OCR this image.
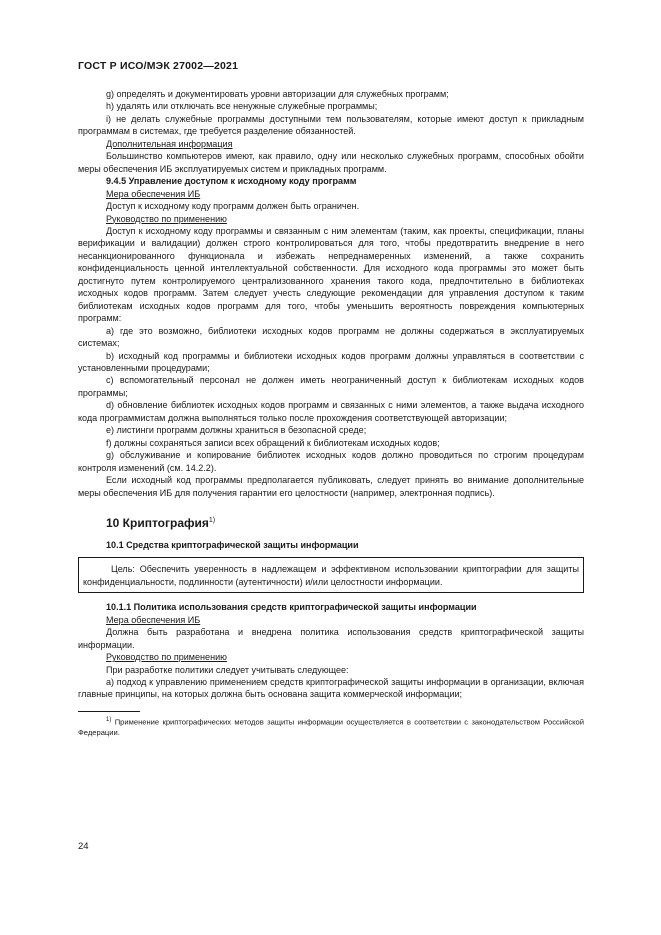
ГОСТ Р ИСО/МЭК 27002—2021

g) определять и документировать уровни авторизации для служебных программ;

h) удалять или отключать все ненужные служебные программы;

i) не делать служебные программы доступными тем пользователям, которые имеют доступ к прикладным программам в системах, где требуется разделение обязанностей.

Дополнительная информация

Большинство компьютеров имеют, как правило, одну или несколько служебных программ, способных обойти меры обеспечения ИБ эксплуатируемых систем и прикладных программ.

9.4.5 Управление доступом к исходному коду программ

Мера обеспечения ИБ

Доступ к исходному коду программ должен быть ограничен.

Руководство по применению

Доступ к исходному коду программы и связанным с ним элементам (таким, как проекты, спецификации, планы верификации и валидации) должен строго контролироваться для того, чтобы предотвратить внедрение в него несанкционированного функционала и избежать непреднамеренных изменений, а также сохранить конфиденциальность ценной интеллектуальной собственности. Для исходного кода программы это может быть достигнуто путем контролируемого централизованного хранения такого кода, предпочтительно в библиотеках исходных кодов программ. Затем следует учесть следующие рекомендации для управления доступом к таким библиотекам исходных кодов программ для того, чтобы уменьшить вероятность повреждения компьютерных программ:

a) где это возможно, библиотеки исходных кодов программ не должны содержаться в эксплуатируемых системах;

b) исходный код программы и библиотеки исходных кодов программ должны управляться в соответствии с установленными процедурами;

c) вспомогательный персонал не должен иметь неограниченный доступ к библиотекам исходных кодов программы;

d) обновление библиотек исходных кодов программ и связанных с ними элементов, а также выдача исходного кода программистам должна выполняться только после прохождения соответствующей авторизации;

e) листинги программ должны храниться в безопасной среде;

f) должны сохраняться записи всех обращений к библиотекам исходных кодов;

g) обслуживание и копирование библиотек исходных кодов должно проводиться по строгим процедурам контроля изменений (см. 14.2.2).

Если исходный код программы предполагается публиковать, следует принять во внимание дополнительные меры обеспечения ИБ для получения гарантии его целостности (например, электронная подпись).

10 Криптография$^{1)}$

10.1 Средства криптографической защиты информации

Цель: Обеспечить уверенность в надлежащем и эффективном использовании криптографии для защиты конфиденциальности, подлинности (аутентичности) и/или целостности информации.

10.1.1 Политика использования средств криптографической защиты информации

Мера обеспечения ИБ

Должна быть разработана и внедрена политика использования средств криптографической защиты информации.

Руководство по применению

При разработке политики следует учитывать следующее:

a) подход к управлению применением средств криптографической защиты информации в организации, включая главные принципы, на которых должна быть основана защита коммерческой информации;

$^{1)}$ Применение криптографических методов защиты информации осуществляется в соответствии с законодательством Российской Федерации.

24
